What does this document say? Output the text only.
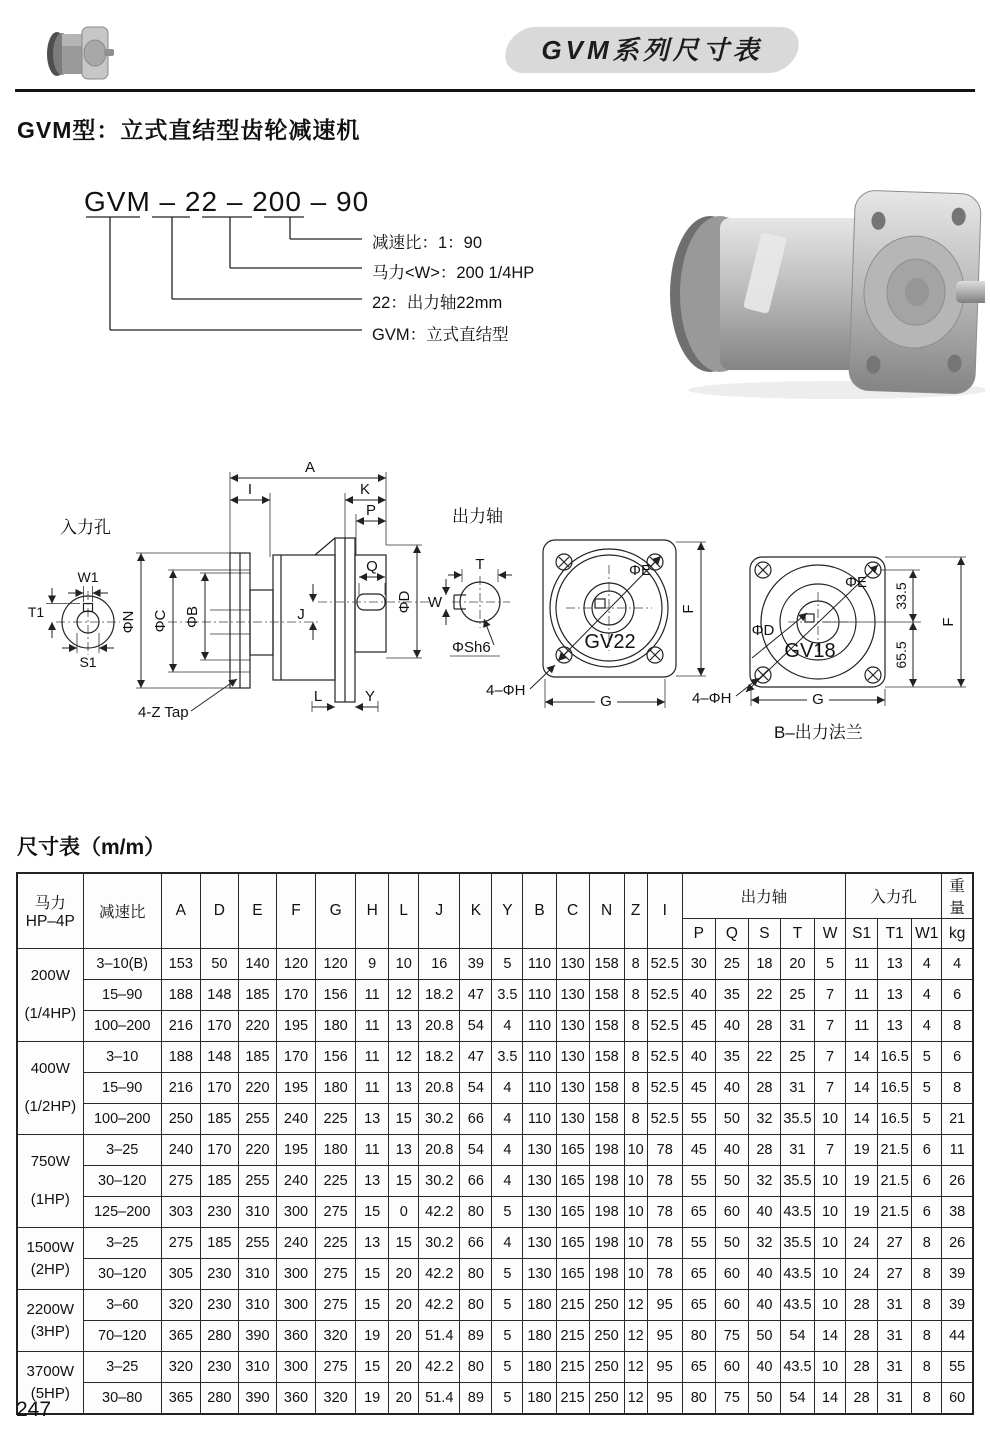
GVM系列尺寸表
GVM型：立式直结型齿轮减速机
GVM – 22 – 200 – 90
减速比：1：90
马力<W>：200 1/4HP
22：出力轴22mm
GVM：立式直结型
入力孔
W1
T1
S1
A
I	K
P
Q
J
ΦN ΦC ΦB
ΦD
L	Y
4-Z Tap
出力轴
T
W
ΦSh6
ΦE
GV22
F
G
4–ΦH
ΦE
ΦD
GV18
33.5
65.5
F
G
4–ΦH
B–出力法兰
尺寸表（m/m）
马力
HP–4P	减速比	A	D	E	F	G	H	L	J	K	Y	B	C	N	Z	I	出力轴					入力孔			重量
																	P	Q	S	T	W	S1	T1	W1	kg

200W
(1/4HP)	3–10(B)	153	50	140	120	120	9	10	16	39	5	110	130	158	8	52.5	30	25	18	20	5	11	13	4	4
	15–90	188	148	185	170	156	11	12	18.2	47	3.5	110	130	158	8	52.5	40	35	22	25	7	11	13	4	6
	100–200	216	170	220	195	180	11	13	20.8	54	4	110	130	158	8	52.5	45	40	28	31	7	11	13	4	8

400W
(1/2HP)	3–10	188	148	185	170	156	11	12	18.2	47	3.5	110	130	158	8	52.5	40	35	22	25	7	14	16.5	5	6
	15–90	216	170	220	195	180	11	13	20.8	54	4	110	130	158	8	52.5	45	40	28	31	7	14	16.5	5	8
	100–200	250	185	255	240	225	13	15	30.2	66	4	110	130	158	8	52.5	55	50	32	35.5	10	14	16.5	5	21

750W
(1HP)	3–25	240	170	220	195	180	11	13	20.8	54	4	130	165	198	10	78	45	40	28	31	7	19	21.5	6	11
	30–120	275	185	255	240	225	13	15	30.2	66	4	130	165	198	10	78	55	50	32	35.5	10	19	21.5	6	26
	125–200	303	230	310	300	275	15	0	42.2	80	5	130	165	198	10	78	65	60	40	43.5	10	19	21.5	6	38

1500W
(2HP)	3–25	275	185	255	240	225	13	15	30.2	66	4	130	165	198	10	78	55	50	32	35.5	10	24	27	8	26
	30–120	305	230	310	300	275	15	20	42.2	80	5	130	165	198	10	78	65	60	40	43.5	10	24	27	8	39

2200W
(3HP)	3–60	320	230	310	300	275	15	20	42.2	80	5	180	215	250	12	95	65	60	40	43.5	10	28	31	8	39
	70–120	365	280	390	360	320	19	20	51.4	89	5	180	215	250	12	95	80	75	50	54	14	28	31	8	44

3700W
(5HP)	3–25	320	230	310	300	275	15	20	42.2	80	5	180	215	250	12	95	65	60	40	43.5	10	28	31	8	55
	30–80	365	280	390	360	320	19	20	51.4	89	5	180	215	250	12	95	80	75	50	54	14	28	31	8	60
247
